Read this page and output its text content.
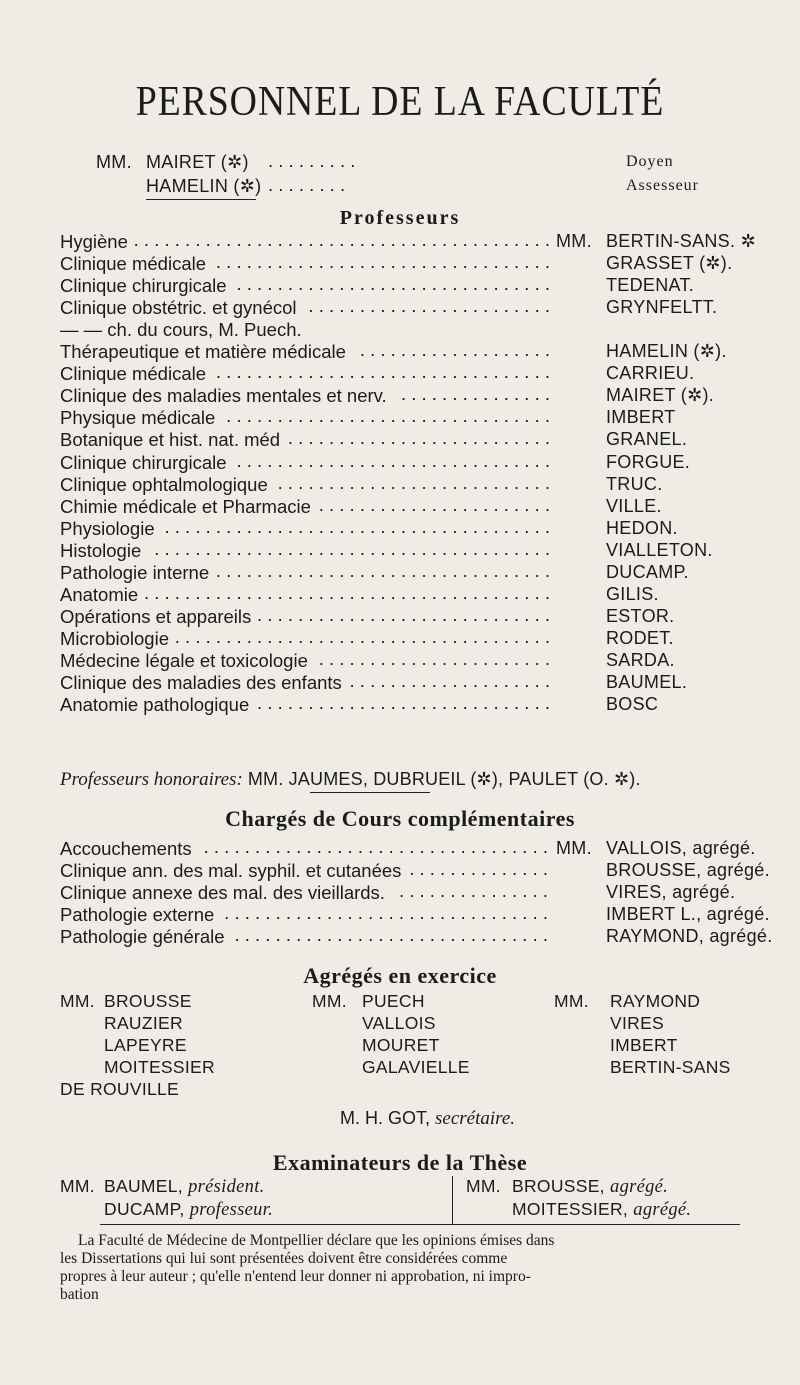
PERSONNEL DE LA FACULTÉ
MM. MAIRET (✲) . . . . . . . . .	Doyen
HAMELIN (✲) . . . . . . . .	Assesseur
Professeurs
MM.
Hygiène . . . . . . . . . . . . . . . . . . . . . . . . . . . . . . . . . . . . . . . . .	BERTIN-SANS. ✲
Clinique médicale . . . . . . . . . . . . . . . . . . . . . . . . . . . . . . . . .	GRASSET (✲).
Clinique chirurgicale . . . . . . . . . . . . . . . . . . . . . . . . . . . . . . .	TEDENAT.
Clinique obstétric. et gynécol . . . . . . . . . . . . . . . . . . . . . . . .	GRYNFELTT.
— — ch. du cours, M. Puech.
Thérapeutique et matière médicale . . . . . . . . . . . . . . . . . . .	HAMELIN (✲).
Clinique médicale . . . . . . . . . . . . . . . . . . . . . . . . . . . . . . . . .	CARRIEU.
Clinique des maladies mentales et nerv. . . . . . . . . . . . . . . .	MAIRET (✲).
Physique médicale . . . . . . . . . . . . . . . . . . . . . . . . . . . . . . . .	IMBERT
Botanique et hist. nat. méd . . . . . . . . . . . . . . . . . . . . . . . . . .	GRANEL.
Clinique chirurgicale . . . . . . . . . . . . . . . . . . . . . . . . . . . . . . .	FORGUE.
Clinique ophtalmologique . . . . . . . . . . . . . . . . . . . . . . . . . . .	TRUC.
Chimie médicale et Pharmacie . . . . . . . . . . . . . . . . . . . . . . .	VILLE.
Physiologie . . . . . . . . . . . . . . . . . . . . . . . . . . . . . . . . . . . . . .	HEDON.
Histologie . . . . . . . . . . . . . . . . . . . . . . . . . . . . . . . . . . . . . . .	VIALLETON.
Pathologie interne . . . . . . . . . . . . . . . . . . . . . . . . . . . . . . . . .	DUCAMP.
Anatomie . . . . . . . . . . . . . . . . . . . . . . . . . . . . . . . . . . . . . . . .	GILIS.
Opérations et appareils . . . . . . . . . . . . . . . . . . . . . . . . . . . . .	ESTOR.
Microbiologie . . . . . . . . . . . . . . . . . . . . . . . . . . . . . . . . . . . . .	RODET.
Médecine légale et toxicologie . . . . . . . . . . . . . . . . . . . . . . .	SARDA.
Clinique des maladies des enfants . . . . . . . . . . . . . . . . . . . .	BAUMEL.
Anatomie pathologique . . . . . . . . . . . . . . . . . . . . . . . . . . . . .	BOSC
Professeurs honoraires: MM. JAUMES, DUBRUEIL (✲), PAULET (O. ✲).
Chargés de Cours complémentaires
MM.
Accouchements . . . . . . . . . . . . . . . . . . . . . . . . . . . . . . . . . .	VALLOIS, agrégé.
Clinique ann. des mal. syphil. et cutanées . . . . . . . . . . . . . .	BROUSSE, agrégé.
Clinique annexe des mal. des vieillards. . . . . . . . . . . . . . . .	VIRES, agrégé.
Pathologie externe . . . . . . . . . . . . . . . . . . . . . . . . . . . . . . . .	IMBERT L., agrégé.
Pathologie générale . . . . . . . . . . . . . . . . . . . . . . . . . . . . . . .	RAYMOND, agrégé.
Agrégés en exercice
MM. BROUSSE
RAUZIER
LAPEYRE
MOITESSIER
DE ROUVILLE
MM. PUECH
VALLOIS
MOURET
GALAVIELLE
MM. RAYMOND
VIRES
IMBERT
BERTIN-SANS
M. H. GOT, secrétaire.
Examinateurs de la Thèse
MM. BAUMEL, président.
DUCAMP, professeur.
MM. BROUSSE, agrégé.
MOITESSIER, agrégé.
La Faculté de Médecine de Montpellier déclare que les opinions émises dans
les Dissertations qui lui sont présentées doivent être considérées comme
propres à leur auteur ; qu'elle n'entend leur donner ni approbation, ni impro-
bation
